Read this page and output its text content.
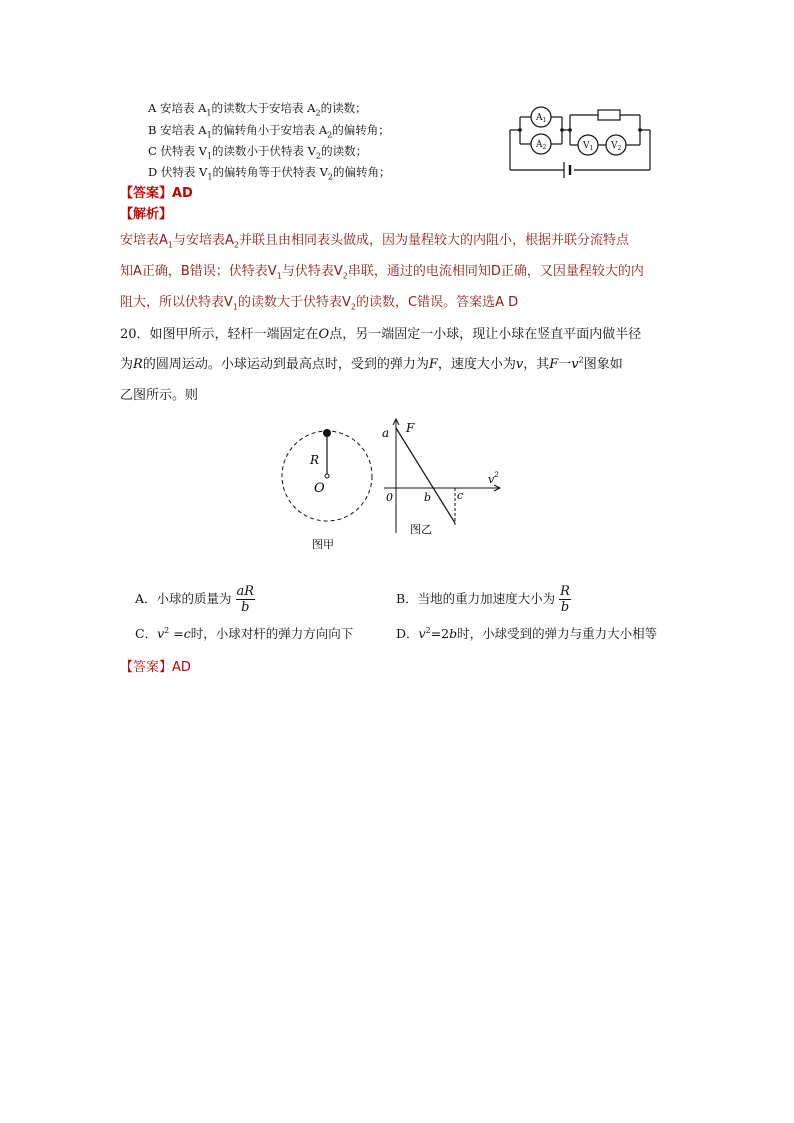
A 安培表 $A_1$的读数大于安培表 $A_2$的读数；
B 安培表 $A_1$的偏转角小于安培表 $A_2$的偏转角；
C 伏特表 $V_1$的读数小于伏特表 $V_2$的读数；
D 伏特表 $V_1$的偏转角等于伏特表 $V_2$的偏转角；
$A_1$
$A_2$	$V_1$ $V_2$
【答案】AD
【解析】
安培表$A_1$与安培表$A_2$并联且由相同表头做成，因为量程较大的内阻小，根据并联分流特点
知A正确，B错误；伏特表$V_1$与伏特表$V_2$串联，通过的电流相同知D正确，又因量程较大的内
阻大，所以伏特表$V_1$的读数大于伏特表$V_2$的读数，C错误。答案选A D
20．如图甲所示，轻杆一端固定在O点，另一端固定一小球，现让小球在竖直平面内做半径
为R的圆周运动。小球运动到最高点时，受到的弹力为F，速度大小为v，其F一$v^2$图象如
乙图所示。则
R
O
图甲
a F
$v^2$
0	b c
图乙
A．小球的质量为 $\frac{aR}{b}$	B．当地的重力加速度大小为 $\frac{R}{b}$
C．$v^2 =c$时，小球对杆的弹力方向向下	D．$v^2=2b$时，小球受到的弹力与重力大小相等
【答案】AD
